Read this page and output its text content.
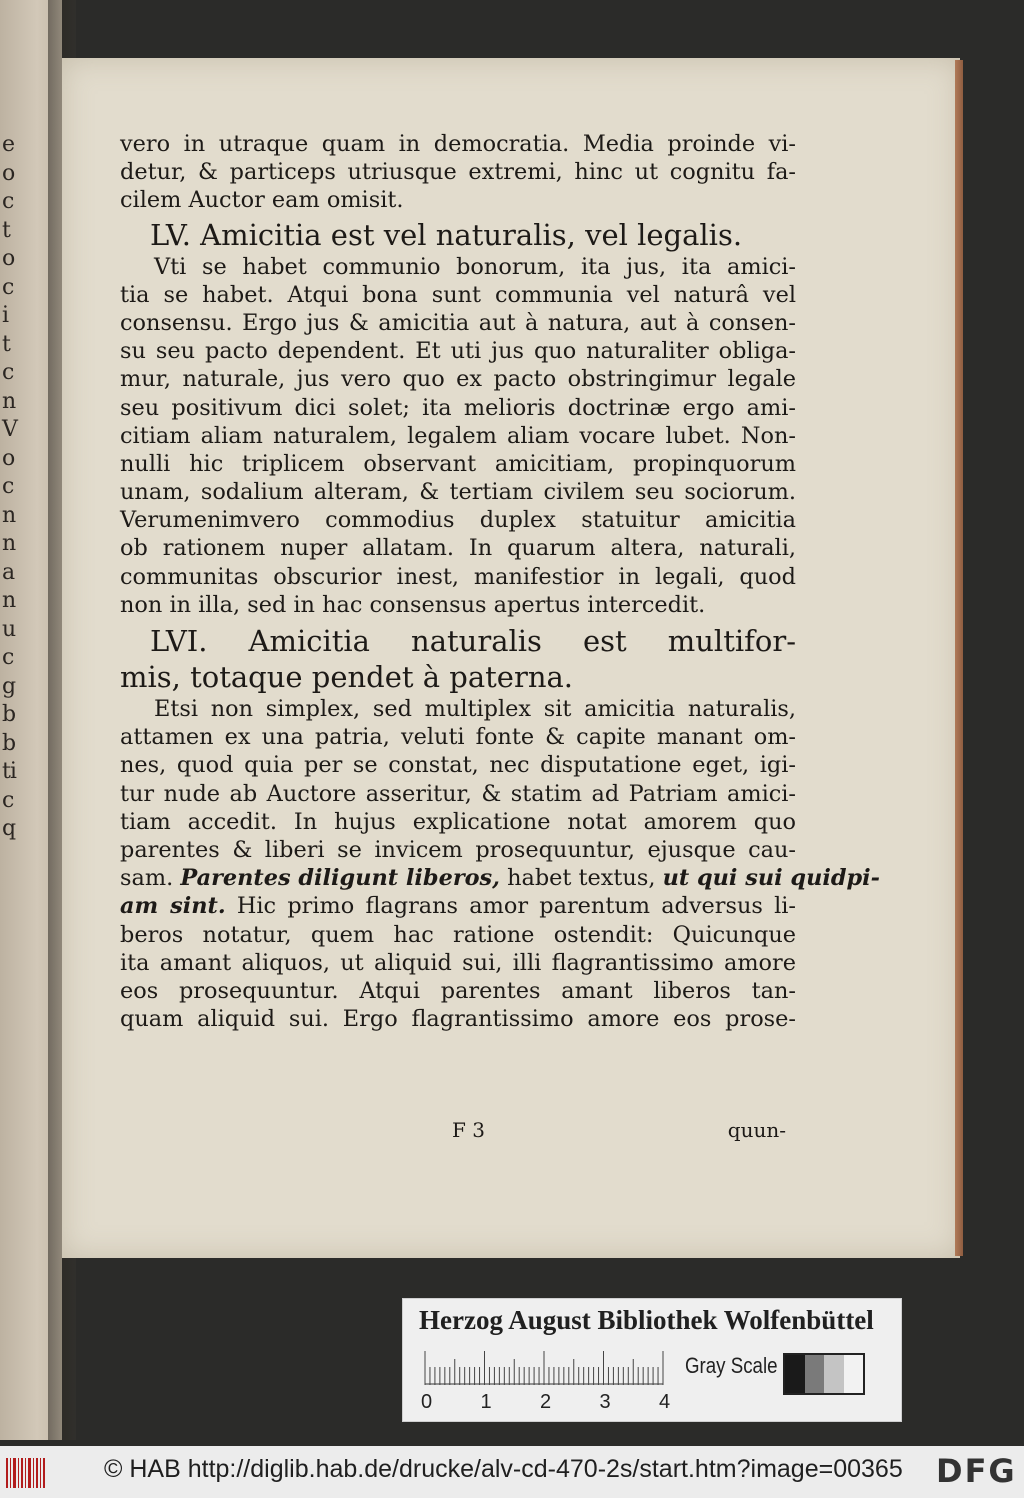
e
o
c
t
o
c
i
t
c
n
V
o
c
n
n
a
n
u
c
g
b
b
ti
c
q
vero in utraque quam in democratia. Media proinde vi-
detur, & particeps utriusque extremi, hinc ut cognitu fa-
cilem Auctor eam omisit.
LV. Amicitia est vel naturalis, vel legalis.
Vti se habet communio bonorum, ita jus, ita amici-
tia se habet. Atqui bona sunt communia vel naturâ vel
consensu. Ergo jus & amicitia aut à natura, aut à consen-
su seu pacto dependent. Et uti jus quo naturaliter obliga-
mur, naturale, jus vero quo ex pacto obstringimur legale
seu positivum dici solet; ita melioris doctrinæ ergo ami-
citiam aliam naturalem, legalem aliam vocare lubet. Non-
nulli hic triplicem observant amicitiam, propinquorum
unam, sodalium alteram, & tertiam civilem seu sociorum.
Verumenimvero commodius duplex statuitur amicitia
ob rationem nuper allatam. In quarum altera, naturali,
communitas obscurior inest, manifestior in legali, quod
non in illa, sed in hac consensus apertus intercedit.
LVI. Amicitia naturalis est multifor-
mis, totaque pendet à paterna.
Etsi non simplex, sed multiplex sit amicitia naturalis,
attamen ex una patria, veluti fonte & capite manant om-
nes, quod quia per se constat, nec disputatione eget, igi-
tur nude ab Auctore asseritur, & statim ad Patriam amici-
tiam accedit. In hujus explicatione notat amorem quo
parentes & liberi se invicem prosequuntur, ejusque cau-
sam. Parentes diligunt liberos, habet textus, ut qui sui quidpi-
am sint. Hic primo flagrans amor parentum adversus li-
beros notatur, quem hac ratione ostendit: Quicunque
ita amant aliquos, ut aliquid sui, illi flagrantissimo amore
eos prosequuntur. Atqui parentes amant liberos tan-
quam aliquid sui. Ergo flagrantissimo amore eos prose-
F 3	quun-
Herzog August Bibliothek Wolfenbüttel
0 1 2 3 4
Gray Scale
© HAB http://diglib.hab.de/drucke/alv-cd-470-2s/start.htm?image=00365 DFG
